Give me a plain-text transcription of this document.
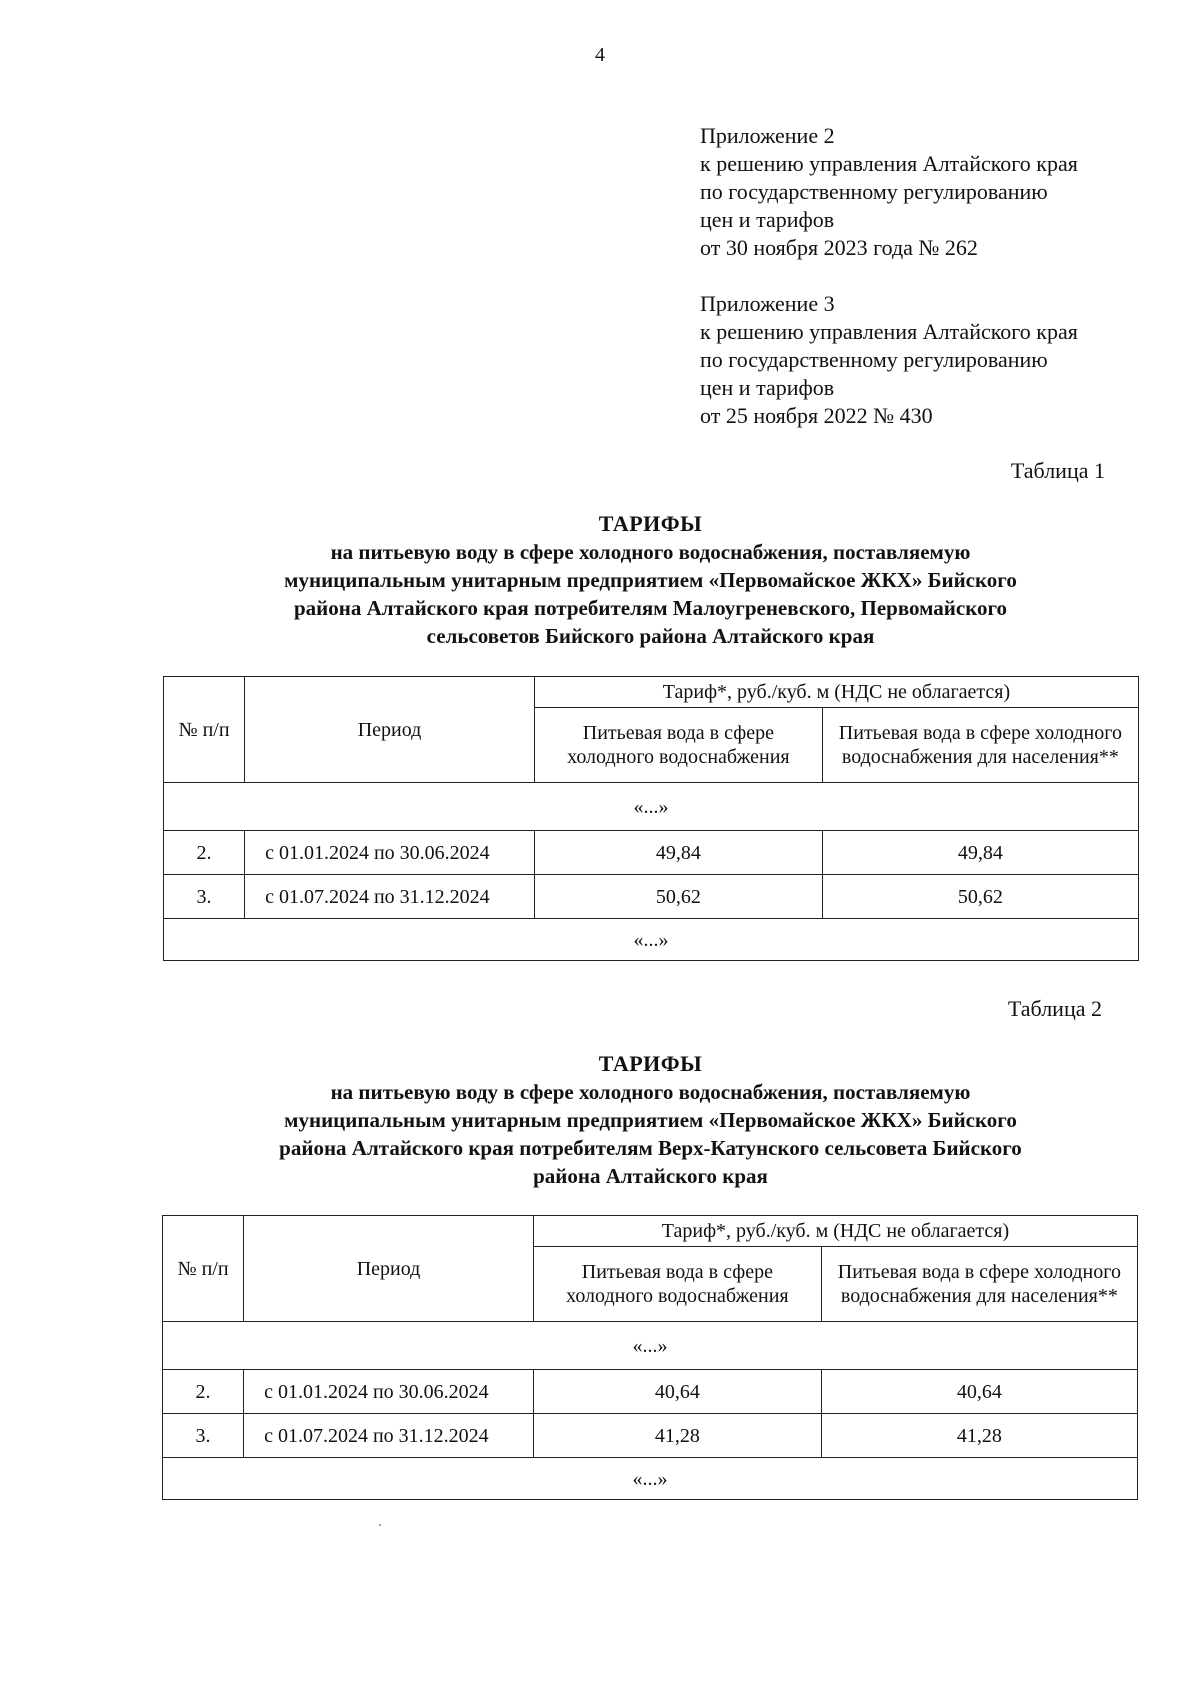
4
Приложение 2
к решению управления Алтайского края
по государственному регулированию
цен и тарифов
от 30 ноября 2023 года № 262
Приложение 3
к решению управления Алтайского края
по государственному регулированию
цен и тарифов
от 25 ноября 2022 № 430
Таблица 1
ТАРИФЫ
на питьевую воду в сфере холодного водоснабжения, поставляемую
муниципальным унитарным предприятием «Первомайское ЖКХ» Бийского
района Алтайского края потребителям Малоугреневского, Первомайского
сельсоветов Бийского района Алтайского края
№ п/п	Период	Тариф*, руб./куб. м (НДС не облагается)	
		Питьевая вода в сфере холодного водоснабжения	Питьевая вода в сфере холодного водоснабжения для населения**
«...»			
2.	с 01.01.2024 по 30.06.2024	49,84	49,84
3.	с 01.07.2024 по 31.12.2024	50,62	50,62
«...»			
Таблица 2
ТАРИФЫ
на питьевую воду в сфере холодного водоснабжения, поставляемую
муниципальным унитарным предприятием «Первомайское ЖКХ» Бийского
района Алтайского края потребителям Верх-Катунского сельсовета Бийского
района Алтайского края
№ п/п	Период	Тариф*, руб./куб. м (НДС не облагается)	
		Питьевая вода в сфере холодного водоснабжения	Питьевая вода в сфере холодного водоснабжения для населения**
«...»			
2.	с 01.01.2024 по 30.06.2024	40,64	40,64
3.	с 01.07.2024 по 31.12.2024	41,28	41,28
«...»			
